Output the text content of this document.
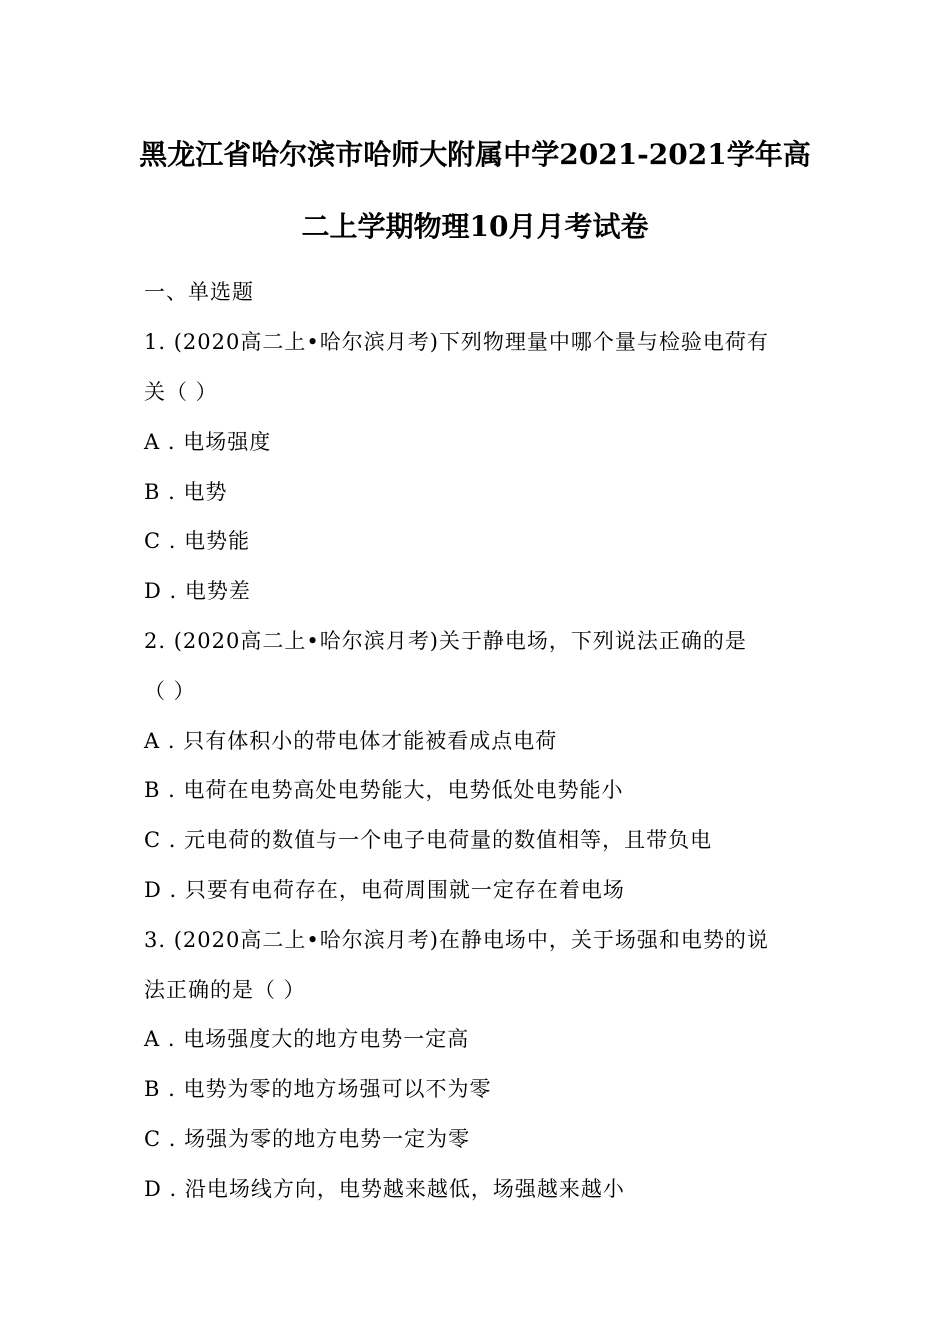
黑龙江省哈尔滨市哈师大附属中学2021-2021学年高
二上学期物理10月月考试卷
一、单选题
1. (2020高二上•哈尔滨月考)下列物理量中哪个量与检验电荷有
关（ ）
A . 电场强度
B . 电势
C . 电势能
D . 电势差
2. (2020高二上•哈尔滨月考)关于静电场，下列说法正确的是
（ ）
A . 只有体积小的带电体才能被看成点电荷
B . 电荷在电势高处电势能大，电势低处电势能小
C . 元电荷的数值与一个电子电荷量的数值相等，且带负电
D . 只要有电荷存在，电荷周围就一定存在着电场
3. (2020高二上•哈尔滨月考)在静电场中，关于场强和电势的说
法正确的是（ ）
A . 电场强度大的地方电势一定高
B . 电势为零的地方场强可以不为零
C . 场强为零的地方电势一定为零
D . 沿电场线方向，电势越来越低，场强越来越小
